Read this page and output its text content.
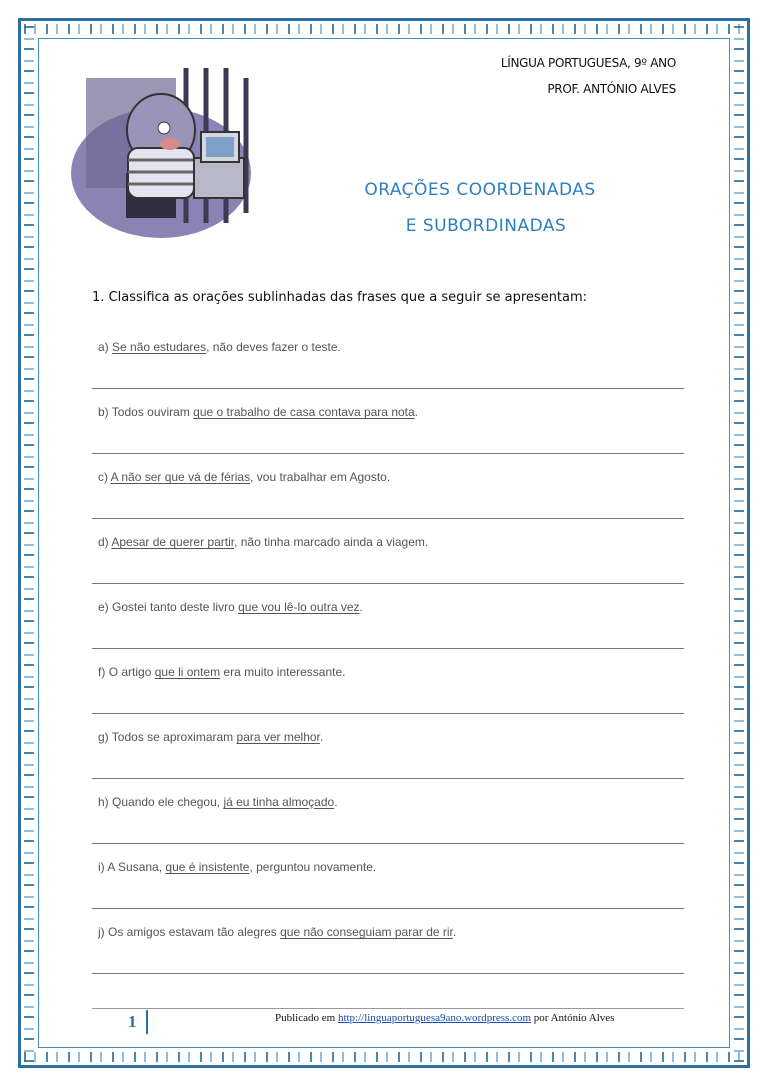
LÍNGUA PORTUGUESA, 9º ANO
PROF. ANTÓNIO ALVES
ORAÇÕES COORDENADAS
E SUBORDINADAS
1. Classifica as orações sublinhadas das frases que a seguir se apresentam:
a) Se não estudares, não deves fazer o teste.
b) Todos ouviram que o trabalho de casa contava para nota.
c) A não ser que vá de férias, vou trabalhar em Agosto.
d) Apesar de querer partir, não tinha marcado ainda a viagem.
e) Gostei tanto deste livro que vou lê-lo outra vez.
f) O artigo que li ontem era muito interessante.
g) Todos se aproximaram para ver melhor.
h) Quando ele chegou, já eu tinha almoçado.
i) A Susana, que é insistente, perguntou novamente.
j) Os amigos estavam tão alegres que não conseguiam parar de rir.
1	Publicado em http://linguaportuguesa9ano.wordpress.com por António Alves
